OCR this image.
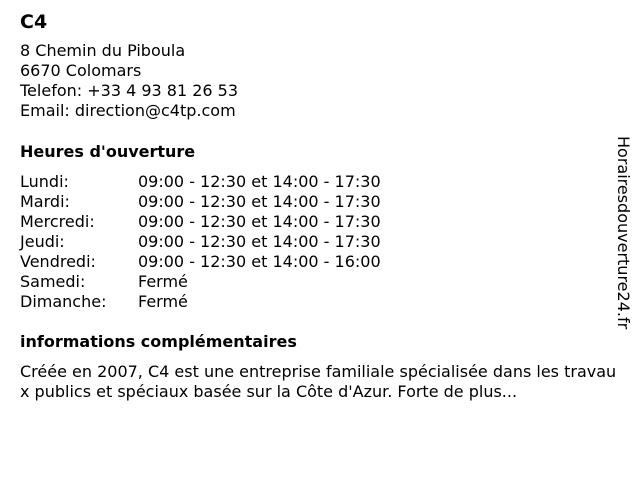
C4
8 Chemin du Piboula
6670 Colomars
Telefon: +33 4 93 81 26 53
Email: direction@c4tp.com
Heures d'ouverture
Lundi:	09:00 - 12:30 et 14:00 - 17:30
Mardi:	09:00 - 12:30 et 14:00 - 17:30
Mercredi:	09:00 - 12:30 et 14:00 - 17:30
Jeudi:	09:00 - 12:30 et 14:00 - 17:30
Vendredi:	09:00 - 12:30 et 14:00 - 16:00
Samedi:	Fermé
Dimanche:	Fermé
informations complémentaires
Créée en 2007, C4 est une entreprise familiale spécialisée dans les travaux publics et spéciaux basée sur la Côte d'Azur. Forte de plus...
Horairesdouverture24.fr
